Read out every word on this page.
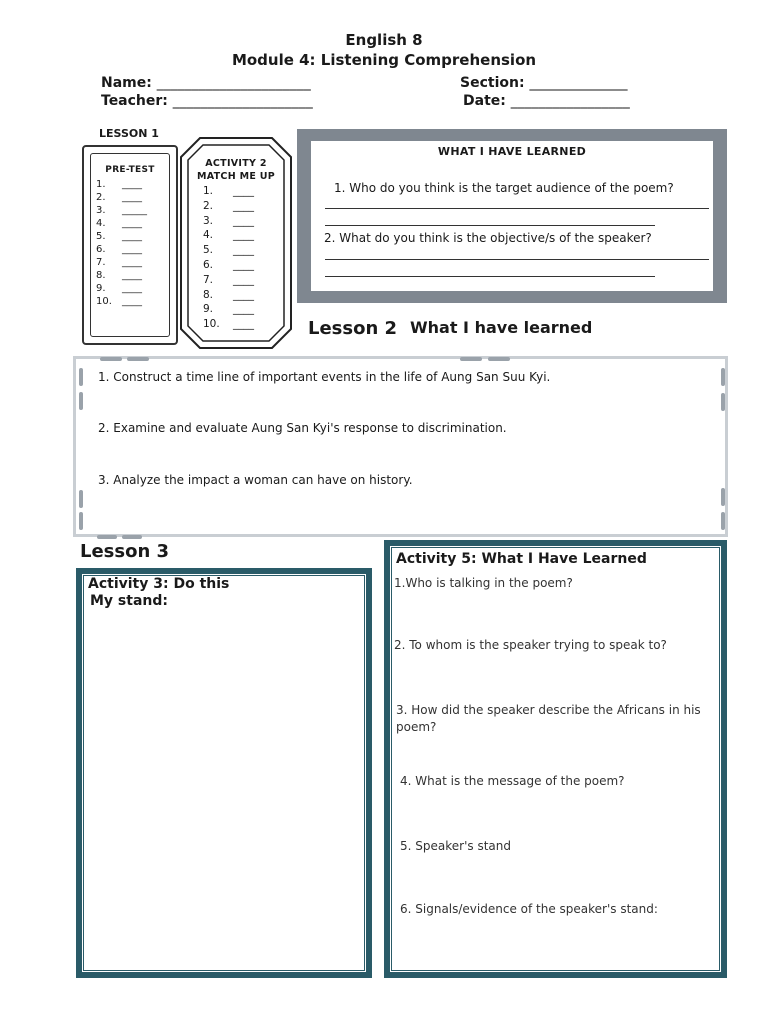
English 8
Module 4: Listening Comprehension
Name: ______________________	Section: ______________
Teacher: ____________________	Date: _________________
LESSON 1
PRE-TEST
1.	____
2.	____
3.	_____
4.	____
5.	____
6.	____
7.	____
8.	____
9.	____
10.	____
ACTIVITY 2
MATCH ME UP
1.	____
2.	____
3.	____
4.	____
5.	____
6.	____
7.	____
8.	____
9.	____
10.	____
WHAT I HAVE LEARNED
1. Who do you think is the target audience of the poem?
2. What do you think is the objective/s of the speaker?
Lesson 2 What I have learned
1. Construct a time line of important events in the life of Aung San Suu Kyi.
2. Examine and evaluate Aung San Kyi's response to discrimination.
3. Analyze the impact a woman can have on history.
Lesson 3
Activity 3: Do this
My stand:
Activity 5: What I Have Learned
1.Who is talking in the poem?
2. To whom is the speaker trying to speak to?
3. How did the speaker describe the Africans in his poem?
4. What is the message of the poem?
5. Speaker's stand
6. Signals/evidence of the speaker's stand:
